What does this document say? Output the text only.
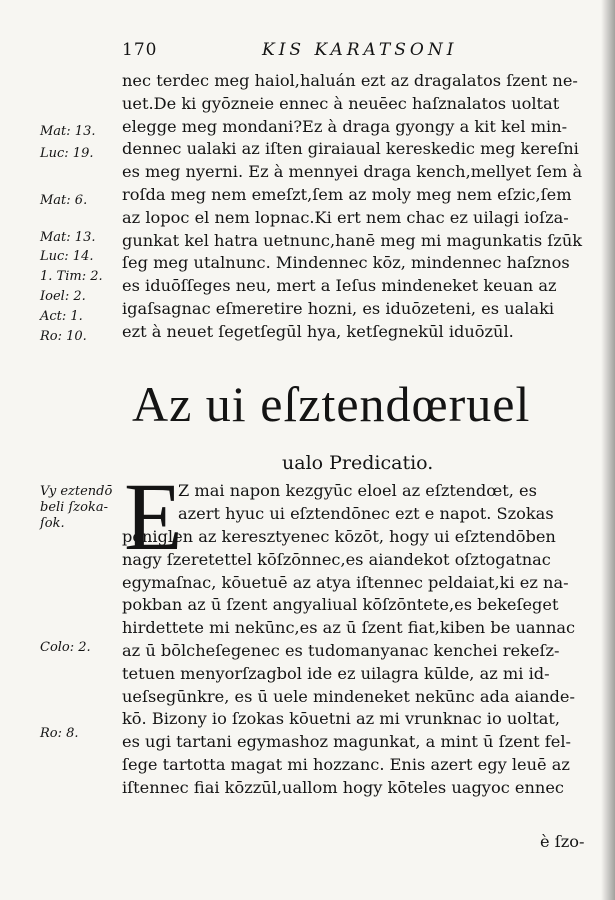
170	KIS KARATSONI
Mat: 13.
Luc: 19.
Mat: 6.
Mat: 13.
Luc: 14.
1. Tim: 2.
Ioel: 2.
Act: 1.
Ro: 10.
nec terdec meg haiol,haluán ezt az dragalatos ſzent ne-
uet.De ki gyōzneie ennec à neuēec haſznalatos uoltat
elegge meg mondani?Ez à draga gyongy a kit kel min-
dennec ualaki az iſten giraiaual kereskedic meg kereſni
es meg nyerni. Ez à mennyei draga kench,mellyet ſem à
roſda meg nem emeſzt,ſem az moly meg nem eſzic,ſem
az lopoc el nem lopnac.Ki ert nem chac ez uilagi ioſza-
gunkat kel hatra uetnunc,hanē meg mi magunkatis ſzūk
ſeg meg utalnunc. Mindennec kōz, mindennec haſznos
es iduōſſeges neu, mert a Ieſus mindeneket keuan az
igaſsagnac eſmeretire hozni, es iduōzeteni, es ualaki
ezt à neuet ſegetſegūl hya, ketſegnekūl iduōzūl.
Az ui eſztendœruel
ualo Predicatio.
Vy eztendō
beli ſzoka-
ſok. E
Colo: 2.
Ro: 8.
Z mai napon kezgyūc eloel az eſztendœt, es
azert hyuc ui eſztendōnec ezt e napot. Szokas
peniglen az keresztyenec kōzōt, hogy ui eſztendōben
nagy ſzeretettel kōſzōnnec,es aiandekot oſztogatnac
egymaſnac, kōuetuē az atya iſtennec peldaiat,ki ez na-
pokban az ū ſzent angyaliual kōſzōntete,es bekeſeget
hirdettete mi nekūnc,es az ū ſzent fiat,kiben be uannac
az ū bōlcheſegenec es tudomanyanac kenchei rekeſz-
tetuen menyorſzagbol ide ez uilagra kūlde, az mi id-
ueſsegūnkre, es ū uele mindeneket nekūnc ada aiande-
kō. Bizony io ſzokas kōuetni az mi vrunknac io uoltat,
es ugi tartani egymashoz magunkat, a mint ū ſzent fel-
ſege tartotta magat mi hozzanc. Enis azert egy leuē az
iſtennec fiai kōzzūl,uallom hogy kōteles uagyoc ennec
è ſzo-
